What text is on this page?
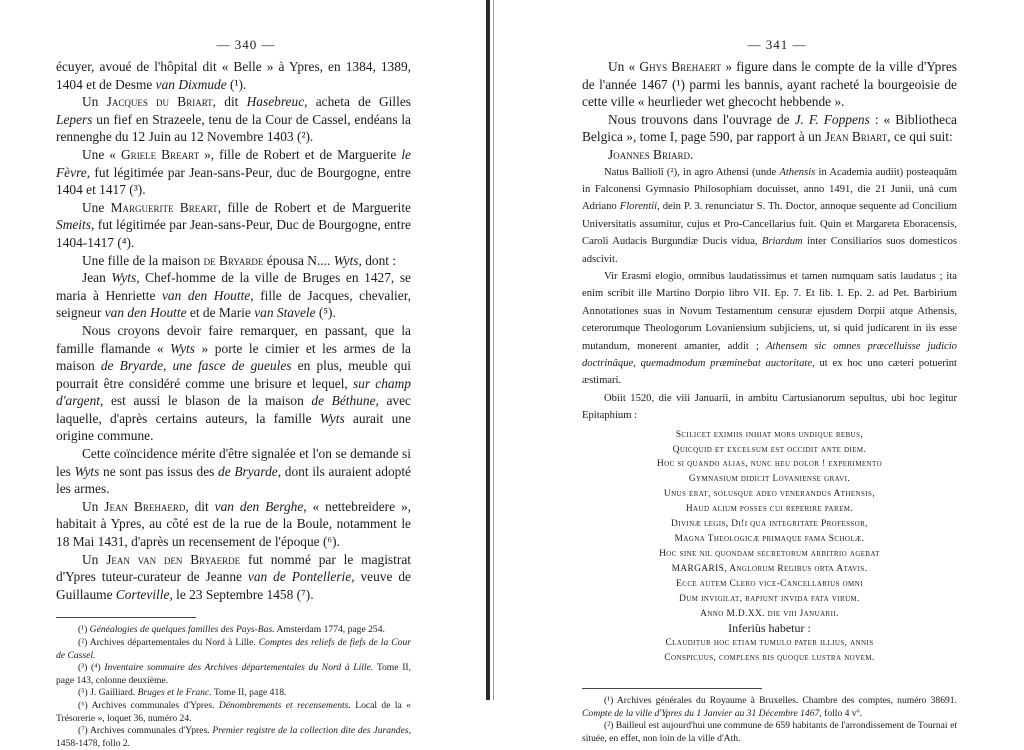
— 340 —

écuyer, avoué de l'hôpital dit « Belle » à Ypres, en 1384, 1389, 1404 et de Desme van Dixmude (¹).

Un Jacques du Briart, dit Hasebreuc, acheta de Gilles Lepers un fief en Strazeele, tenu de la Cour de Cassel, endéans la rennenghe du 12 Juin au 12 Novembre 1403 (²).

Une « Griele Breart », fille de Robert et de Marguerite le Fèvre, fut légitimée par Jean-sans-Peur, duc de Bourgogne, entre 1404 et 1417 (³).

Une Marguerite Breart, fille de Robert et de Marguerite Smeits, fut légitimée par Jean-sans-Peur, Duc de Bourgogne, entre 1404-1417 (⁴).

Une fille de la maison de Bryarde épousa N.... Wyts, dont :

Jean Wyts, Chef-homme de la ville de Bruges en 1427, se maria à Henriette van den Houtte, fille de Jacques, chevalier, seigneur van den Houtte et de Marie van Stavele (⁵).

Nous croyons devoir faire remarquer, en passant, que la famille flamande « Wyts » porte le cimier et les armes de la maison de Bryarde, une fasce de gueules en plus, meuble qui pourrait être considéré comme une brisure et lequel, sur champ d'argent, est aussi le blason de la maison de Béthune, avec laquelle, d'après certains auteurs, la famille Wyts aurait une origine commune.

Cette coïncidence mérite d'être signalée et l'on se demande si les Wyts ne sont pas issus des de Bryarde, dont ils auraient adopté les armes.

Un Jean Brehaerd, dit van den Berghe, « nettebreidere », habitait à Ypres, au côté est de la rue de la Boule, notamment le 18 Mai 1431, d'après un recensement de l'époque (⁶).

Un Jean van den Bryaerde fut nommé par le magistrat d'Ypres tuteur-curateur de Jeanne van de Pontellerie, veuve de Guillaume Corteville, le 23 Septembre 1458 (⁷).

(¹) Généalogies de quelques familles des Pays-Bas. Amsterdam 1774, page 254.

(²) Archives départementales du Nord à Lille. Comptes des reliefs de fiefs de la Cour de Cassel.

(³) (⁴) Inventaire sommaire des Archives départementales du Nord à Lille. Tome II, page 143, colonne deuxième.

(⁵) J. Gailliard. Bruges et le Franc. Tome II, page 418.

(⁶) Archives communales d'Ypres. Dénombrements et recensements. Local de la « Trésorerie », loquet 36, numéro 24.

(⁷) Archives communales d'Ypres. Premier registre de la collection dite des Jurandes, 1458-1478, follo 2.

— 341 —

Un « Ghys Brehaert » figure dans le compte de la ville d'Ypres de l'année 1467 (¹) parmi les bannis, ayant racheté la bourgeoisie de cette ville « heurlieder wet ghecocht hebbende ».

Nous trouvons dans l'ouvrage de J. F. Foppens : « Bibliotheca Belgica », tome I, page 590, par rapport à un Jean Briart, ce qui suit:

Joannes Briard.

Natus Balliolî (²), in agro Athensi (unde Athensis in Academia audiit) posteaquâm in Falconensi Gymnasio Philosophiam docuisset, anno 1491, die 21 Junii, unà cum Adriano Florentii, dein P. 3. renunciatur S. Th. Doctor, annoque sequente ad Concilium Universitatis assumitur, cujus et Pro-Cancellarius fuit. Quin et Margareta Eboracensis, Caroli Audacis Burgundiæ Ducis vidua, Briardum inter Consiliarios suos domesticos adscivit.

Vir Erasmi elogio, omnibus laudatissimus et tamen numquam satis laudatus ; ita enim scribit ille Martino Dorpio libro VII. Ep. 7. Et lib. I. Ep. 2. ad Pet. Barbirium Annotationes suas in Novum Testamentum censuræ ejusdem Dorpii atque Athensis, ceterorumque Theologorum Lovaniensium subjiciens, ut, si quid judicarent in iis esse mutandum, monerent amanter, addit ; Athensem sic omnes præcelluisse judicio doctrinâque, quemadmodum præminebat auctoritate, ut ex hoc uno cæteri potuerint æstimari.

Obiit 1520, die viii Januarii, in ambitu Cartusianorum sepultus, ubi hoc legitur Epitaphium :

Scilicet eximiis inhiat mors undique rebus,
Quicquid et excelsum est occidit ante diem.
Hoc si quando alias, nunc heu dolor ! experimento
Gymnasium didicit Lovaniense gravi.
Unus erat, solusque adeo venerandus Athensis,
Haud alium posses cui reperire parem.
Divinæ legis, Di!i qua integritate Professor,
Magna Theologicæ primaque fama Scholæ.
Hoc sine nil quondam secretorum arbitrio agebat
MARGARIS, Anglorum Regibus orta Atavis.
Ecce autem Clero vice-Cancellarius omni
Dum invigilat, rapiunt invida fata virum.
Anno M.D.XX. die viii Januarii.
Inferiùs habetur :
Clauditur hoc etiam tumulo pater illius, annis
Conspicuus, complens bis quoque lustra novem.

(¹) Archives générales du Royaume à Bruxelles. Chambre des comptes, numéro 38691. Compte de la ville d'Ypres du 1 Janvier au 31 Décembre 1467, follo 4 vº.

(²) Bailleul est aujourd'hui une commune de 659 habitants de l'arrondissement de Tournai et située, en effet, non loin de la ville d'Ath.
